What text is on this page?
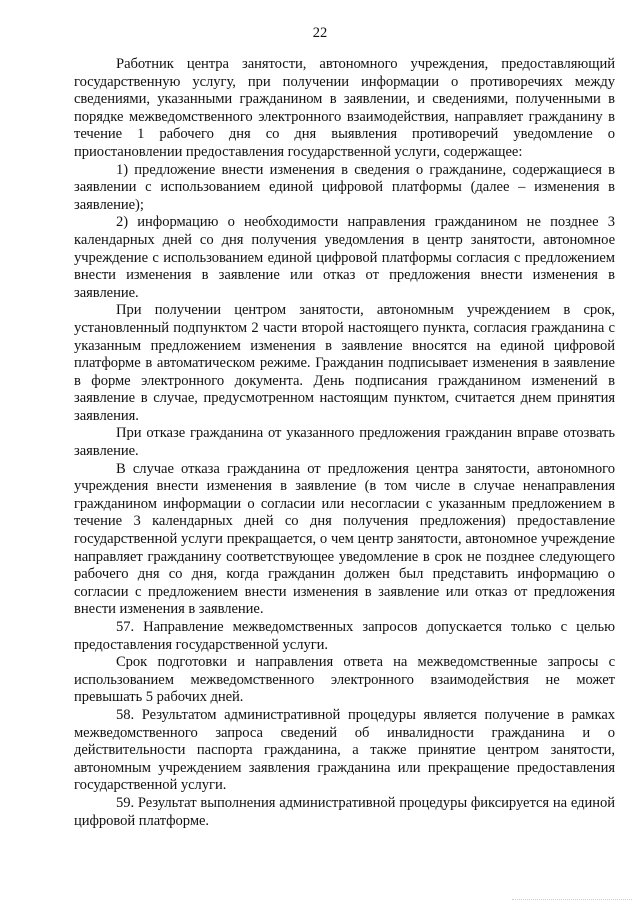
22

Работник центра занятости, автономного учреждения, предоставляющий государственную услугу, при получении информации о противоречиях между сведениями, указанными гражданином в заявлении, и сведениями, полученными в порядке межведомственного электронного взаимодействия, направляет гражданину в течение 1 рабочего дня со дня выявления противоречий уведомление о приостановлении предоставления государственной услуги, содержащее:

1) предложение внести изменения в сведения о гражданине, содержащиеся в заявлении с использованием единой цифровой платформы (далее – изменения в заявление);

2) информацию о необходимости направления гражданином не позднее 3 календарных дней со дня получения уведомления в центр занятости, автономное учреждение с использованием единой цифровой платформы согласия с предложением внести изменения в заявление или отказ от предложения внести изменения в заявление.

При получении центром занятости, автономным учреждением в срок, установленный подпунктом 2 части второй настоящего пункта, согласия гражданина с указанным предложением изменения в заявление вносятся на единой цифровой платформе в автоматическом режиме. Гражданин подписывает изменения в заявление в форме электронного документа. День подписания гражданином изменений в заявление в случае, предусмотренном настоящим пунктом, считается днем принятия заявления.

При отказе гражданина от указанного предложения гражданин вправе отозвать заявление.

В случае отказа гражданина от предложения центра занятости, автономного учреждения внести изменения в заявление (в том числе в случае ненаправления гражданином информации о согласии или несогласии с указанным предложением в течение 3 календарных дней со дня получения предложения) предоставление государственной услуги прекращается, о чем центр занятости, автономное учреждение направляет гражданину соответствующее уведомление в срок не позднее следующего рабочего дня со дня, когда гражданин должен был представить информацию о согласии с предложением внести изменения в заявление или отказ от предложения внести изменения в заявление.

57. Направление межведомственных запросов допускается только с целью предоставления государственной услуги.

Срок подготовки и направления ответа на межведомственные запросы с использованием межведомственного электронного взаимодействия не может превышать 5 рабочих дней.

58. Результатом административной процедуры является получение в рамках межведомственного запроса сведений об инвалидности гражданина и о действительности паспорта гражданина, а также принятие центром занятости, автономным учреждением заявления гражданина или прекращение предоставления государственной услуги.

59. Результат выполнения административной процедуры фиксируется на единой цифровой платформе.
